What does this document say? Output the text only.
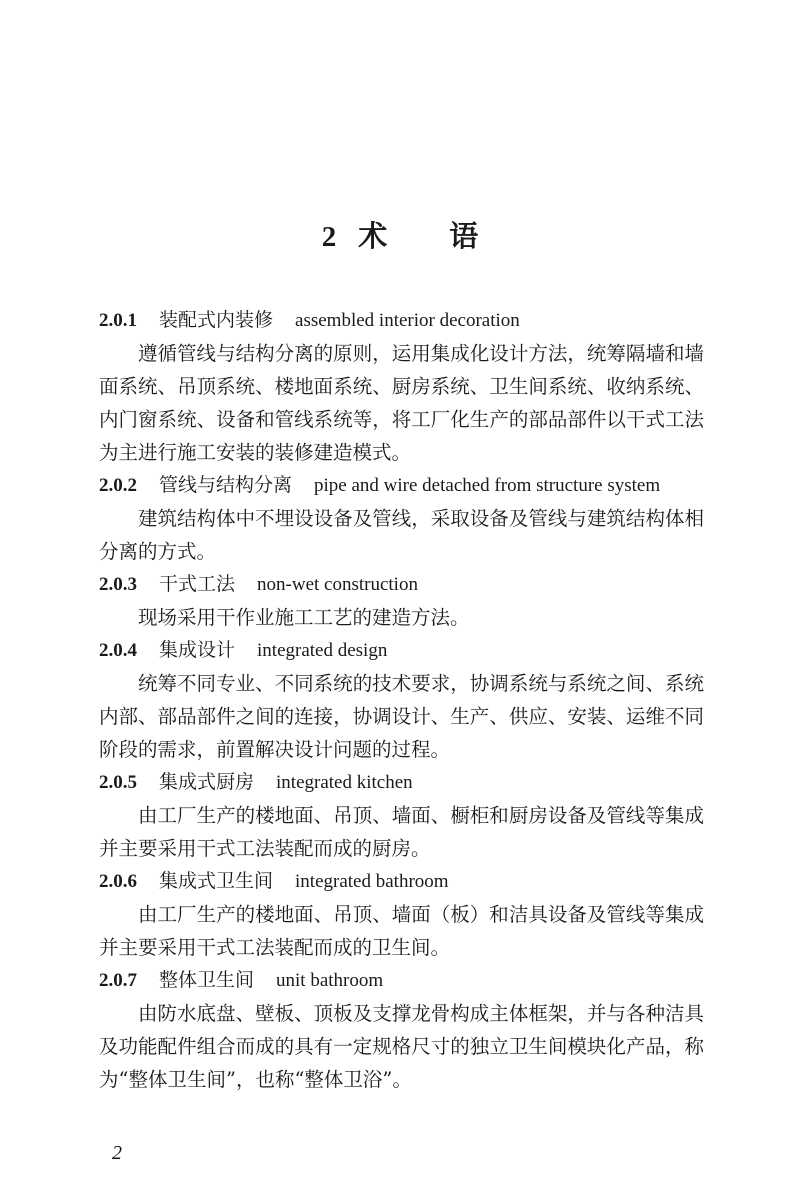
2 术语

2.0.1 装配式内装修 assembled interior decoration

遵循管线与结构分离的原则，运用集成化设计方法，统筹隔墙和墙面系统、吊顶系统、楼地面系统、厨房系统、卫生间系统、收纳系统、内门窗系统、设备和管线系统等，将工厂化生产的部品部件以干式工法为主进行施工安装的装修建造模式。

2.0.2 管线与结构分离 pipe and wire detached from structure system

建筑结构体中不埋设设备及管线，采取设备及管线与建筑结构体相分离的方式。

2.0.3 干式工法 non-wet construction

现场采用干作业施工工艺的建造方法。

2.0.4 集成设计 integrated design

统筹不同专业、不同系统的技术要求，协调系统与系统之间、系统内部、部品部件之间的连接，协调设计、生产、供应、安装、运维不同阶段的需求，前置解决设计问题的过程。

2.0.5 集成式厨房 integrated kitchen

由工厂生产的楼地面、吊顶、墙面、橱柜和厨房设备及管线等集成并主要采用干式工法装配而成的厨房。

2.0.6 集成式卫生间 integrated bathroom

由工厂生产的楼地面、吊顶、墙面（板）和洁具设备及管线等集成并主要采用干式工法装配而成的卫生间。

2.0.7 整体卫生间 unit bathroom

由防水底盘、壁板、顶板及支撑龙骨构成主体框架，并与各种洁具及功能配件组合而成的具有一定规格尺寸的独立卫生间模块化产品，称为“整体卫生间”，也称“整体卫浴”。

2
